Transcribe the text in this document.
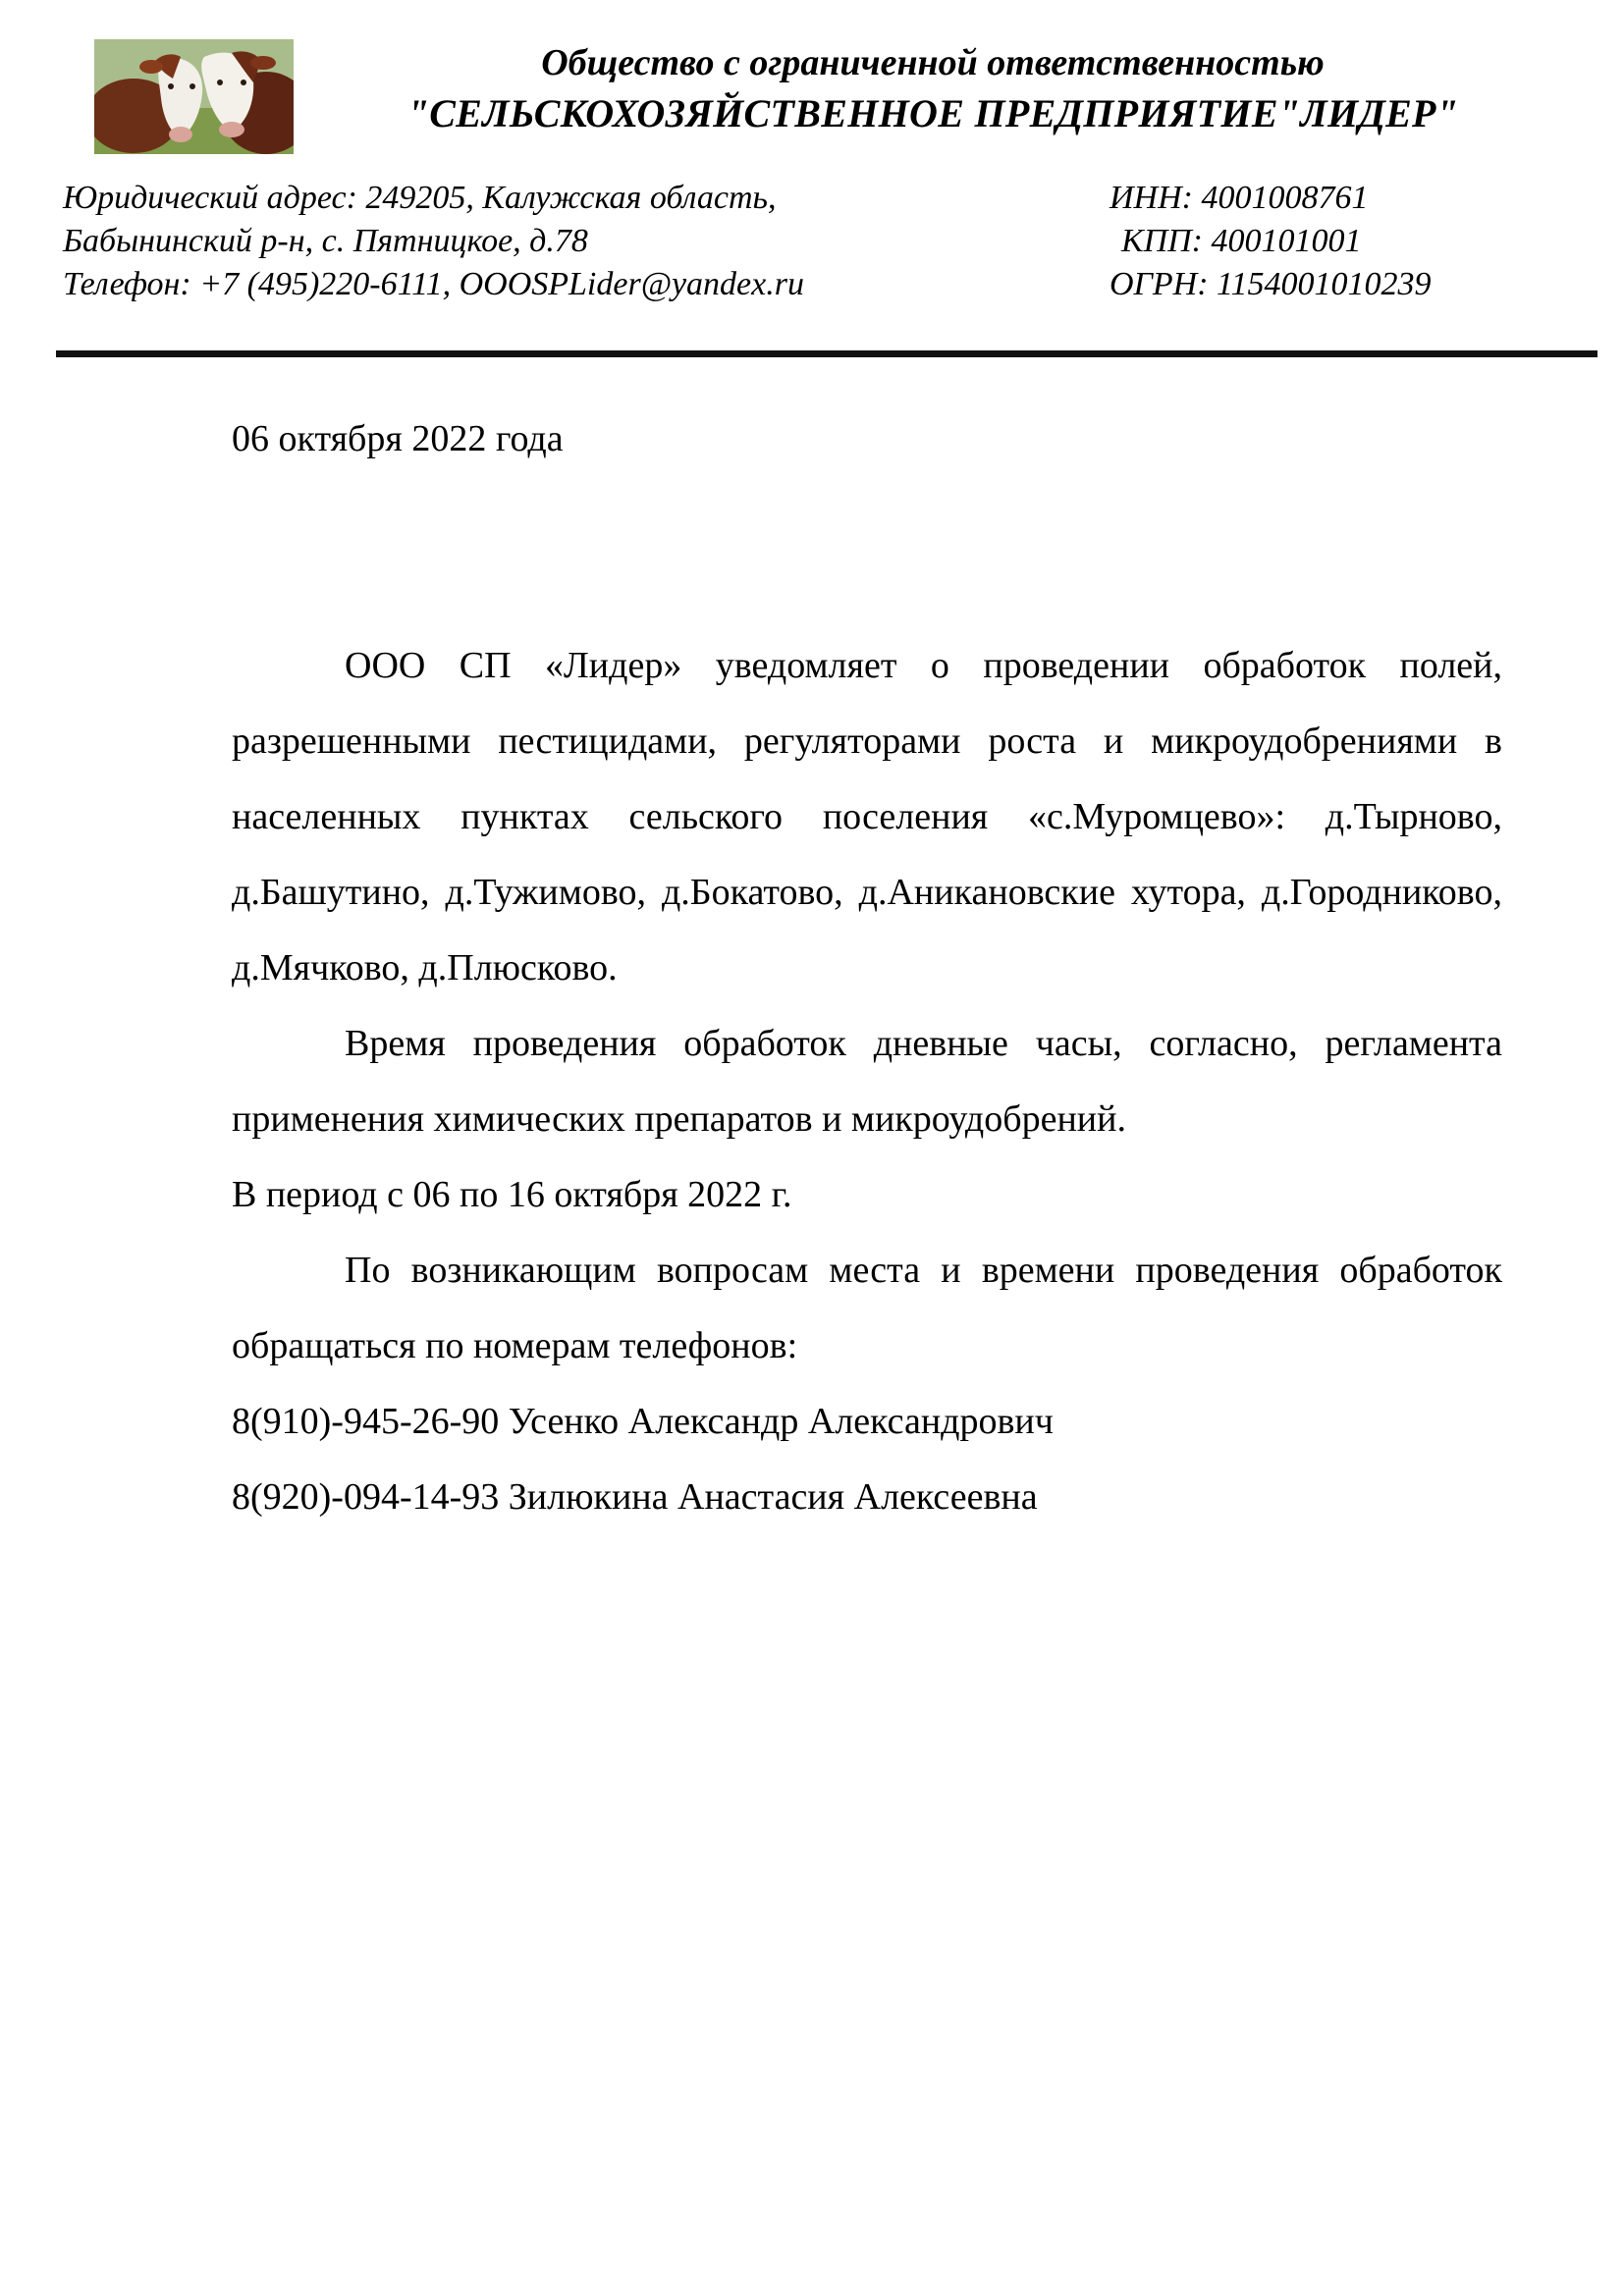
Общество с ограниченной ответственностью
"СЕЛЬСКОХОЗЯЙСТВЕННОЕ ПРЕДПРИЯТИЕ"ЛИДЕР"
Юридический адрес: 249205, Калужская область,
Бабынинский р-н, с. Пятницкое, д.78
Телефон: +7 (495)220-6111, OOOSPLider@yandex.ru
ИНН: 4001008761
КПП: 400101001
ОГРН: 1154001010239
06 октября 2022 года

ООО СП «Лидер» уведомляет о проведении обработок полей, разрешенными пестицидами, регуляторами роста и микроудобрениями в населенных пунктах сельского поселения «с.Муромцево»: д.Тырново, д.Башутино, д.Тужимово, д.Бокатово, д.Аникановские хутора, д.Городниково, д.Мячково, д.Плюсково.

Время проведения обработок дневные часы, согласно, регламента применения химических препаратов и микроудобрений.

В период с 06 по 16 октября 2022 г.

По возникающим вопросам места и времени проведения обработок обращаться по номерам телефонов:

8(910)-945-26-90 Усенко Александр Александрович

8(920)-094-14-93 Зилюкина Анастасия Алексеевна
